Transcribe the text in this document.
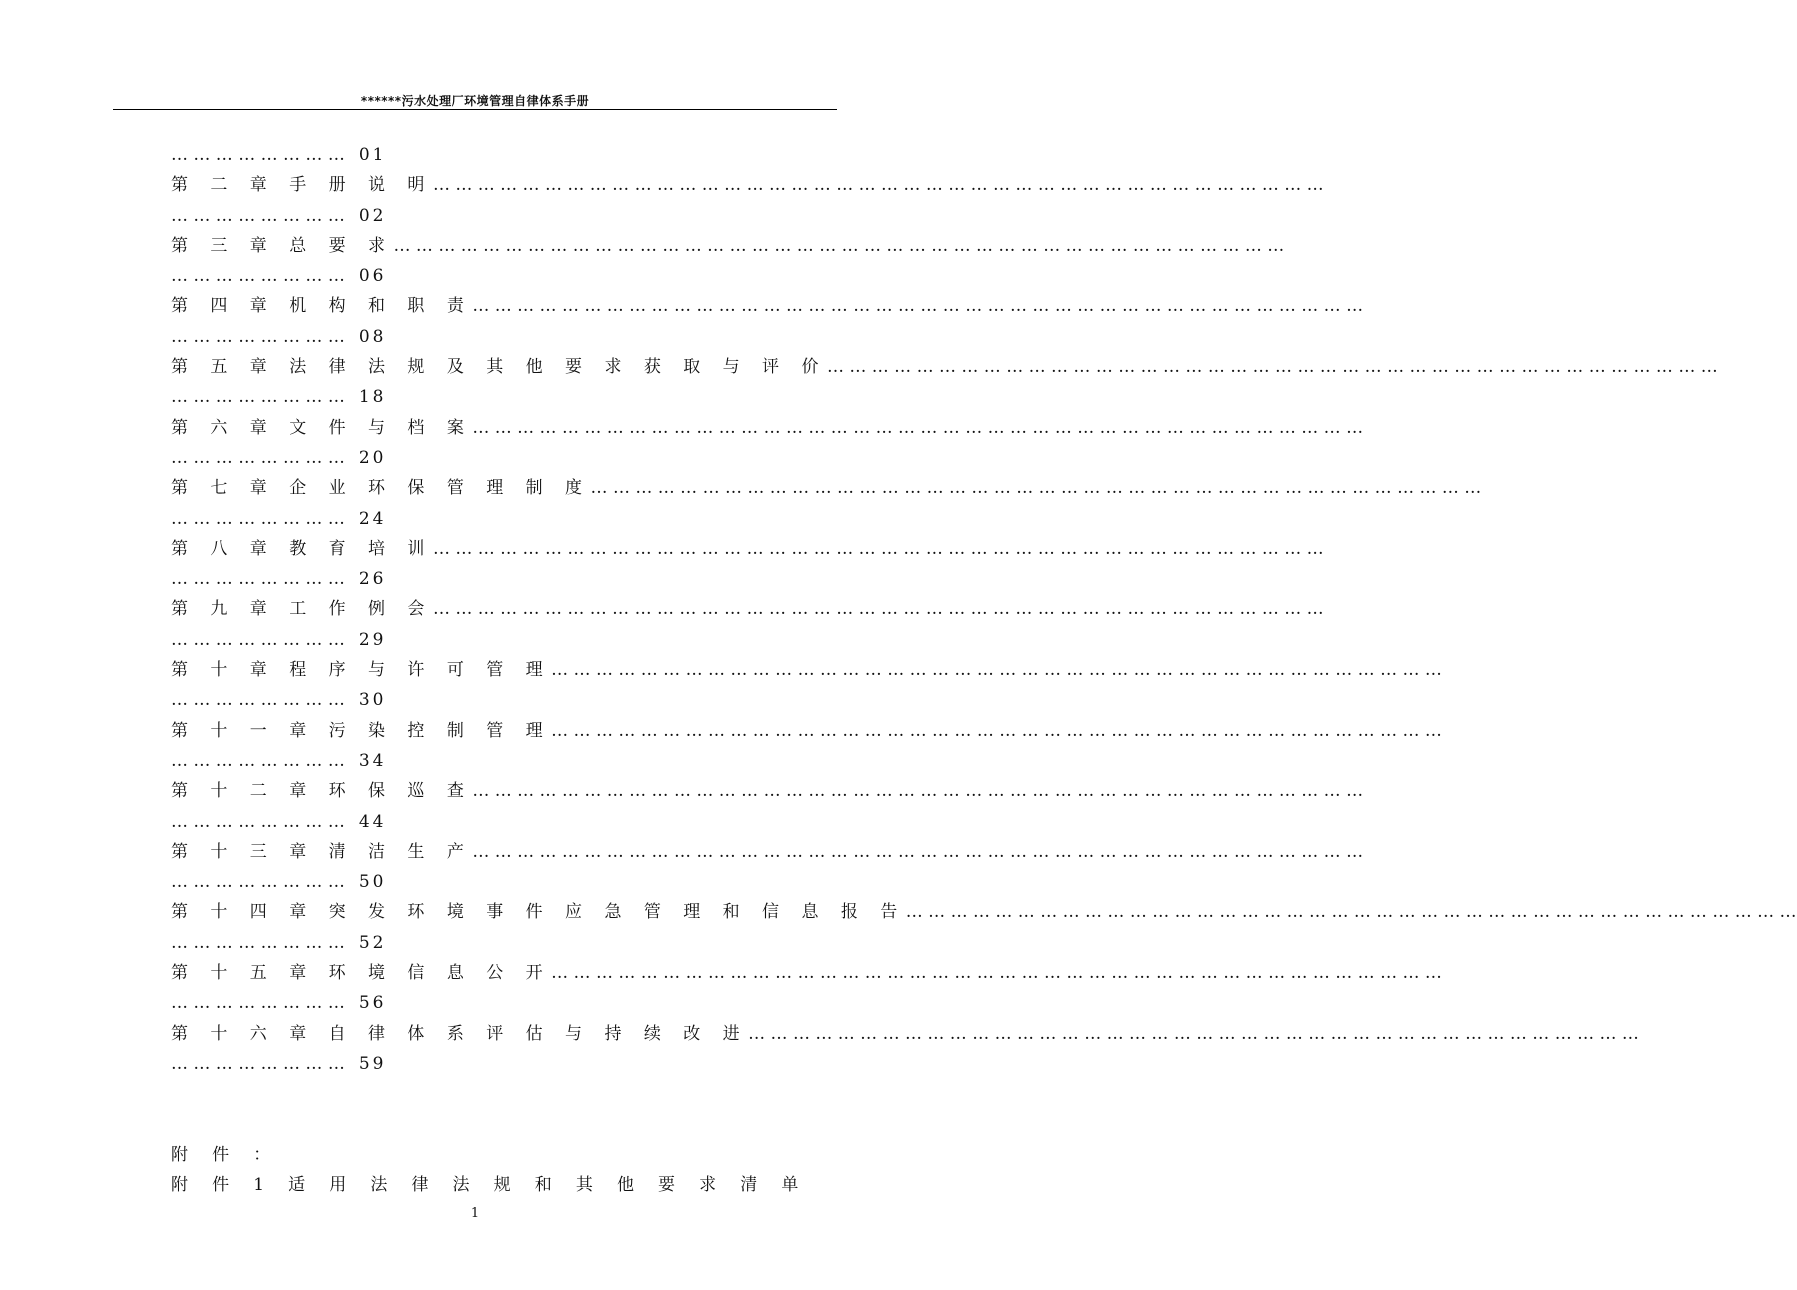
******污水处理厂环境管理自律体系手册
… … … … … … … … 01
第 二 章 手 册 说 明… … … … … … … … … … … … … … … … … … … … … … … … … … … … … … … … … … … … … … … …
… … … … … … … … 02
第 三 章 总 要 求… … … … … … … … … … … … … … … … … … … … … … … … … … … … … … … … … … … … … … … …
… … … … … … … … 06
第 四 章 机 构 和 职 责… … … … … … … … … … … … … … … … … … … … … … … … … … … … … … … … … … … … … … … …
… … … … … … … … 08
第 五 章 法 律 法 规 及 其 他 要 求 获 取 与 评 价… … … … … … … … … … … … … … … … … … … … … … … … … … … … … … … … … … … … … … … …
… … … … … … … … 18
第 六 章 文 件 与 档 案… … … … … … … … … … … … … … … … … … … … … … … … … … … … … … … … … … … … … … … …
… … … … … … … … 20
第 七 章 企 业 环 保 管 理 制 度… … … … … … … … … … … … … … … … … … … … … … … … … … … … … … … … … … … … … … … …
… … … … … … … … 24
第 八 章 教 育 培 训… … … … … … … … … … … … … … … … … … … … … … … … … … … … … … … … … … … … … … … …
… … … … … … … … 26
第 九 章 工 作 例 会… … … … … … … … … … … … … … … … … … … … … … … … … … … … … … … … … … … … … … … …
… … … … … … … … 29
第 十 章 程 序 与 许 可 管 理… … … … … … … … … … … … … … … … … … … … … … … … … … … … … … … … … … … … … … … …
… … … … … … … … 30
第 十 一 章 污 染 控 制 管 理… … … … … … … … … … … … … … … … … … … … … … … … … … … … … … … … … … … … … … … …
… … … … … … … … 34
第 十 二 章 环 保 巡 查… … … … … … … … … … … … … … … … … … … … … … … … … … … … … … … … … … … … … … … …
… … … … … … … … 44
第 十 三 章 清 洁 生 产… … … … … … … … … … … … … … … … … … … … … … … … … … … … … … … … … … … … … … … …
… … … … … … … … 50
第 十 四 章 突 发 环 境 事 件 应 急 管 理 和 信 息 报 告… … … … … … … … … … … … … … … … … … … … … … … … … … … … … … … … … … … … … … … …
… … … … … … … … 52
第 十 五 章 环 境 信 息 公 开… … … … … … … … … … … … … … … … … … … … … … … … … … … … … … … … … … … … … … … …
… … … … … … … … 56
第 十 六 章 自 律 体 系 评 估 与 持 续 改 进… … … … … … … … … … … … … … … … … … … … … … … … … … … … … … … … … … … … … … … …
… … … … … … … … 59
附 件 ：
附 件 1 适 用 法 律 法 规 和 其 他 要 求 清 单
1
